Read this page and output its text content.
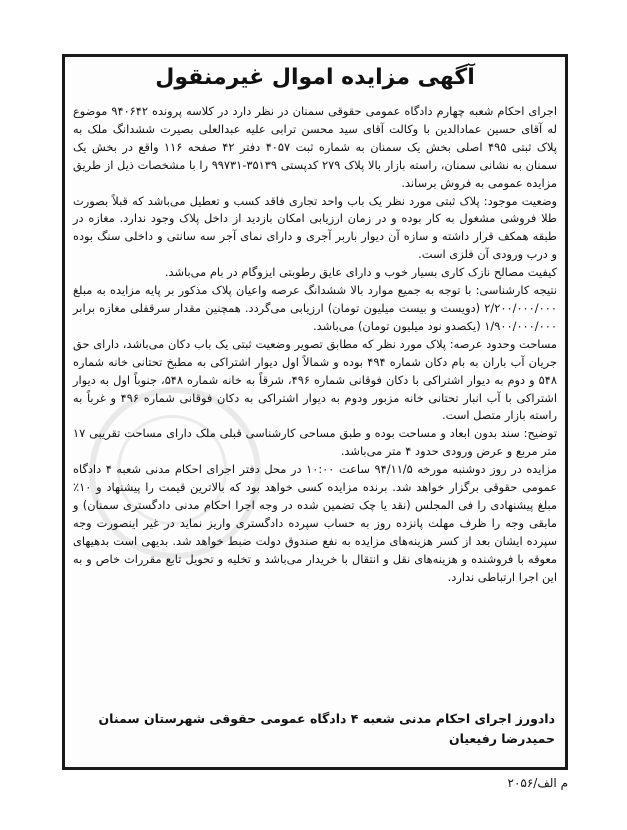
آگهی مزایده اموال غیرمنقول

اجرای احکام شعبه چهارم دادگاه عمومی حقوقی سمنان در نظر دارد در کلاسه پرونده ۹۴۰۶۴۲ موضوع له آقای حسین عمادالدین با وکالت آقای سید محسن ترابی علیه عبدالعلی بصیرت ششدانگ ملک به پلاک ثبتی ۴۹۵ اصلی بخش یک سمنان به شماره ثبت ۴۰۵۷ دفتر ۴۲ صفحه ۱۱۶ واقع در بخش یک سمنان به نشانی سمنان، راسته بازار بالا پلاک ۲۷۹ کدپستی ۳۵۱۳۹-۹۹۷۳۱ را با مشخصات ذیل از طریق مزایده عمومی به فروش برساند.

وضعیت موجود: پلاک ثبتی مورد نظر یک باب واحد تجاری فاقد کسب و تعطیل می‌باشد که قبلاً بصورت طلا فروشی مشغول به کار بوده و در زمان ارزیابی امکان بازدید از داخل پلاک وجود ندارد. مغازه در طبقه همکف قرار داشته و سازه آن دیوار باربر آجری و دارای نمای آجر سه سانتی و داخلی سنگ بوده و درب ورودی آن فلزی است.

کیفیت مصالح نازک کاری بسیار خوب و دارای عایق رطوبتی ایزوگام در بام می‌باشد.

نتیجه کارشناسی: با توجه به جمیع موارد بالا ششدانگ عرصه واعیان پلاک مذکور بر پایه مزایده به مبلغ ۲/۲۰۰/۰۰۰/۰۰۰ (دویست و بیست میلیون تومان) ارزیابی می‌گردد. همچنین مقدار سرقفلی مغازه برابر ۱/۹۰۰/۰۰۰/۰۰۰ (یکصدو نود میلیون تومان) می‌باشد.

مساحت وحدود عرصه: پلاک مورد نظر که مطابق تصویر وضعیت ثبتی یک باب دکان می‌باشد، دارای حق جریان آب باران به بام دکان شماره ۴۹۴ بوده و شمالاً اول دیوار اشتراکی به مطبخ تحتانی خانه شماره ۵۴۸ و دوم به دیوار اشتراکی با دکان فوقانی شماره ۴۹۶، شرقاً به خانه شماره ۵۴۸، جنوباً اول به دیوار اشتراکی با آب انبار تحتانی خانه مزبور ودوم به دیوار اشتراکی به دکان فوقانی شماره ۴۹۶ و غرباً به راسته بازار متصل است.

توضیح: سند بدون ابعاد و مساحت بوده و طبق مساحی کارشناسی قبلی ملک دارای مساحت تقریبی ۱۷ متر مربع و عرض ورودی حدود ۴ متر می‌باشد.

مزایده در روز دوشنبه مورخه ۹۴/۱۱/۵ ساعت ۱۰:۰۰ در محل دفتر اجرای احکام مدنی شعبه ۴ دادگاه عمومی حقوقی برگزار خواهد شد. برنده مزایده کسی خواهد بود که بالاترین قیمت را پیشنهاد و ۱۰٪ مبلغ پیشنهادی را فی المجلس (نقد یا چک تضمین شده در وجه اجرا احکام مدنی دادگستری سمنان) و مابقی وجه را ظرف مهلت پانزده روز به حساب سپرده دادگستری واریز نماید در غیر اینصورت وجه سپرده ایشان بعد از کسر هزینه‌های مزایده به نفع صندوق دولت ضبط خواهد شد. بدیهی است بدهیهای معوقه با فروشنده و هزینه‌های نقل و انتقال با خریدار می‌باشد و تخلیه و تحویل تابع مقررات خاص و به این اجرا ارتباطی ندارد.

دادورز اجرای احکام مدنی شعبه ۴ دادگاه عمومی حقوقی شهرستان سمنان
حمیدرضا رفیعیان
م الف/۲۰۵۶
